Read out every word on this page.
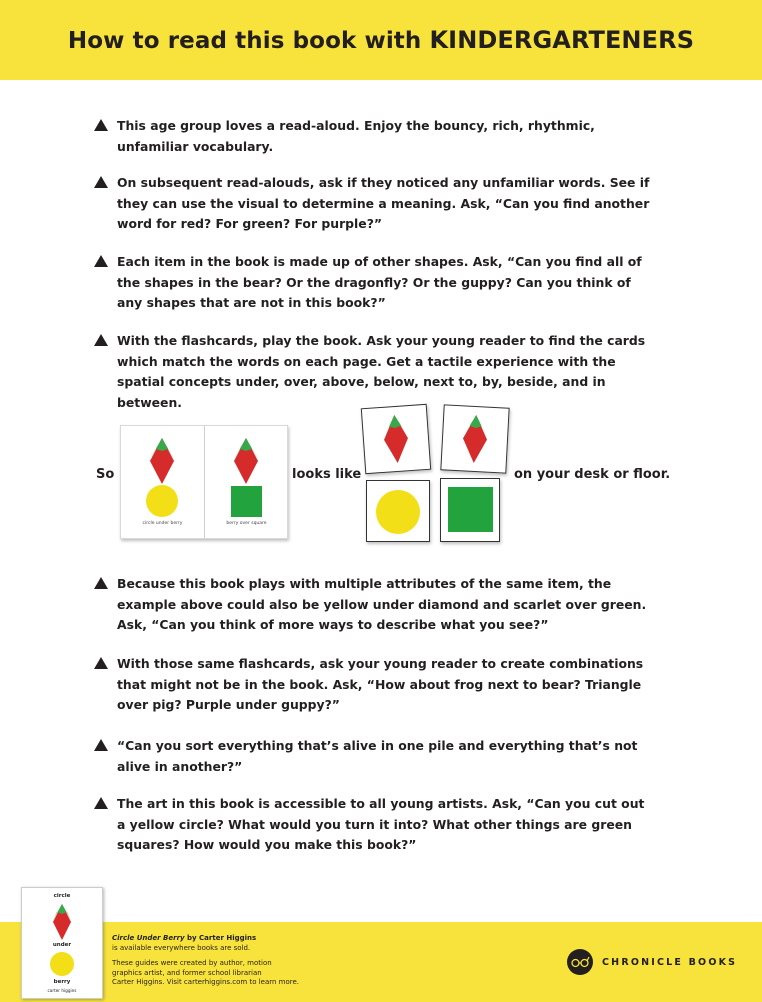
How to read this book with KINDERGARTENERS
This age group loves a read-aloud. Enjoy the bouncy, rich, rhythmic, unfamiliar vocabulary.
On subsequent read-alouds, ask if they noticed any unfamiliar words. See if they can use the visual to determine a meaning. Ask, “Can you find another word for red? For green? For purple?”
Each item in the book is made up of other shapes. Ask, “Can you find all of the shapes in the bear? Or the dragonfly? Or the guppy? Can you think of any shapes that are not in this book?”
With the flashcards, play the book. Ask your young reader to find the cards which match the words on each page. Get a tactile experience with the spatial concepts under, over, above, below, next to, by, beside, and in between.
So
circle under berry	berry over square
looks like	on your desk or floor.
Because this book plays with multiple attributes of the same item, the example above could also be yellow under diamond and scarlet over green. Ask, “Can you think of more ways to describe what you see?”
With those same flashcards, ask your young reader to create combinations that might not be in the book. Ask, “How about frog next to bear? Triangle over pig? Purple under guppy?”
“Can you sort everything that’s alive in one pile and everything that’s not alive in another?”
The art in this book is accessible to all young artists. Ask, “Can you cut out a yellow circle? What would you turn it into? What other things are green squares? How would you make this book?”
circle
under
berry
carter higgins
Circle Under Berry by Carter Higgins
is available everywhere books are sold.
These guides were created by author, motion
graphics artist, and former school librarian
Carter Higgins. Visit carterhiggins.com to learn more.
CHRONICLE BOOKS
